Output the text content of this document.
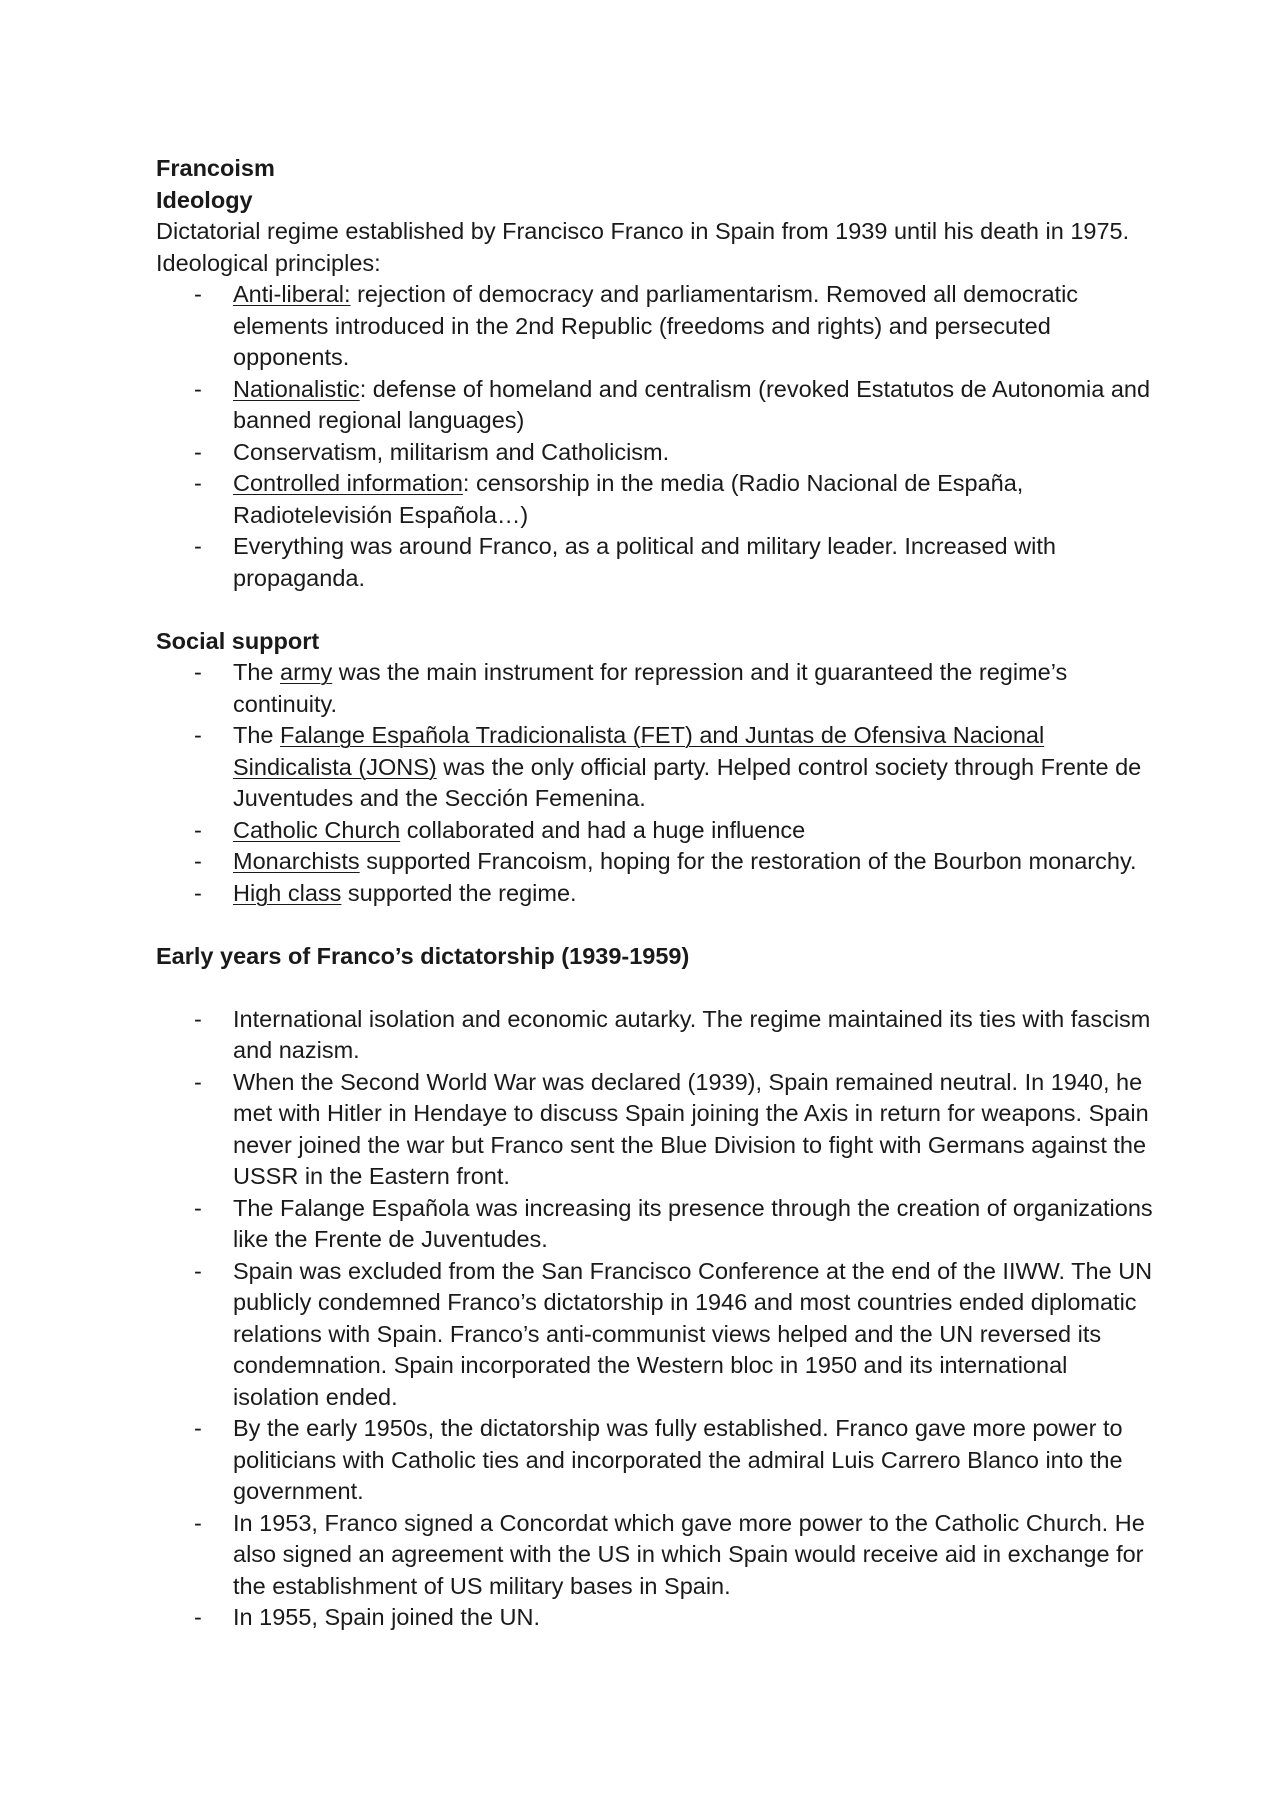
Francoism
Ideology
Dictatorial regime established by Francisco Franco in Spain from 1939 until his death in 1975. Ideological principles:
- Anti-liberal: rejection of democracy and parliamentarism. Removed all democratic elements introduced in the 2nd Republic (freedoms and rights) and persecuted opponents.
- Nationalistic: defense of homeland and centralism (revoked Estatutos de Autonomia and banned regional languages)
- Conservatism, militarism and Catholicism.
- Controlled information: censorship in the media (Radio Nacional de España, Radiotelevisión Española…)
- Everything was around Franco, as a political and military leader. Increased with propaganda.
Social support
- The army was the main instrument for repression and it guaranteed the regime’s continuity.
- The Falange Española Tradicionalista (FET) and Juntas de Ofensiva Nacional Sindicalista (JONS) was the only official party. Helped control society through Frente de Juventudes and the Sección Femenina.
- Catholic Church collaborated and had a huge influence
- Monarchists supported Francoism, hoping for the restoration of the Bourbon monarchy.
- High class supported the regime.
Early years of Franco’s dictatorship (1939-1959)
- International isolation and economic autarky. The regime maintained its ties with fascism and nazism.
- When the Second World War was declared (1939), Spain remained neutral. In 1940, he met with Hitler in Hendaye to discuss Spain joining the Axis in return for weapons. Spain never joined the war but Franco sent the Blue Division to fight with Germans against the USSR in the Eastern front.
- The Falange Española was increasing its presence through the creation of organizations like the Frente de Juventudes.
- Spain was excluded from the San Francisco Conference at the end of the IIWW. The UN publicly condemned Franco’s dictatorship in 1946 and most countries ended diplomatic relations with Spain. Franco’s anti-communist views helped and the UN reversed its condemnation. Spain incorporated the Western bloc in 1950 and its international isolation ended.
- By the early 1950s, the dictatorship was fully established. Franco gave more power to politicians with Catholic ties and incorporated the admiral Luis Carrero Blanco into the government.
- In 1953, Franco signed a Concordat which gave more power to the Catholic Church. He also signed an agreement with the US in which Spain would receive aid in exchange for the establishment of US military bases in Spain.
- In 1955, Spain joined the UN.
